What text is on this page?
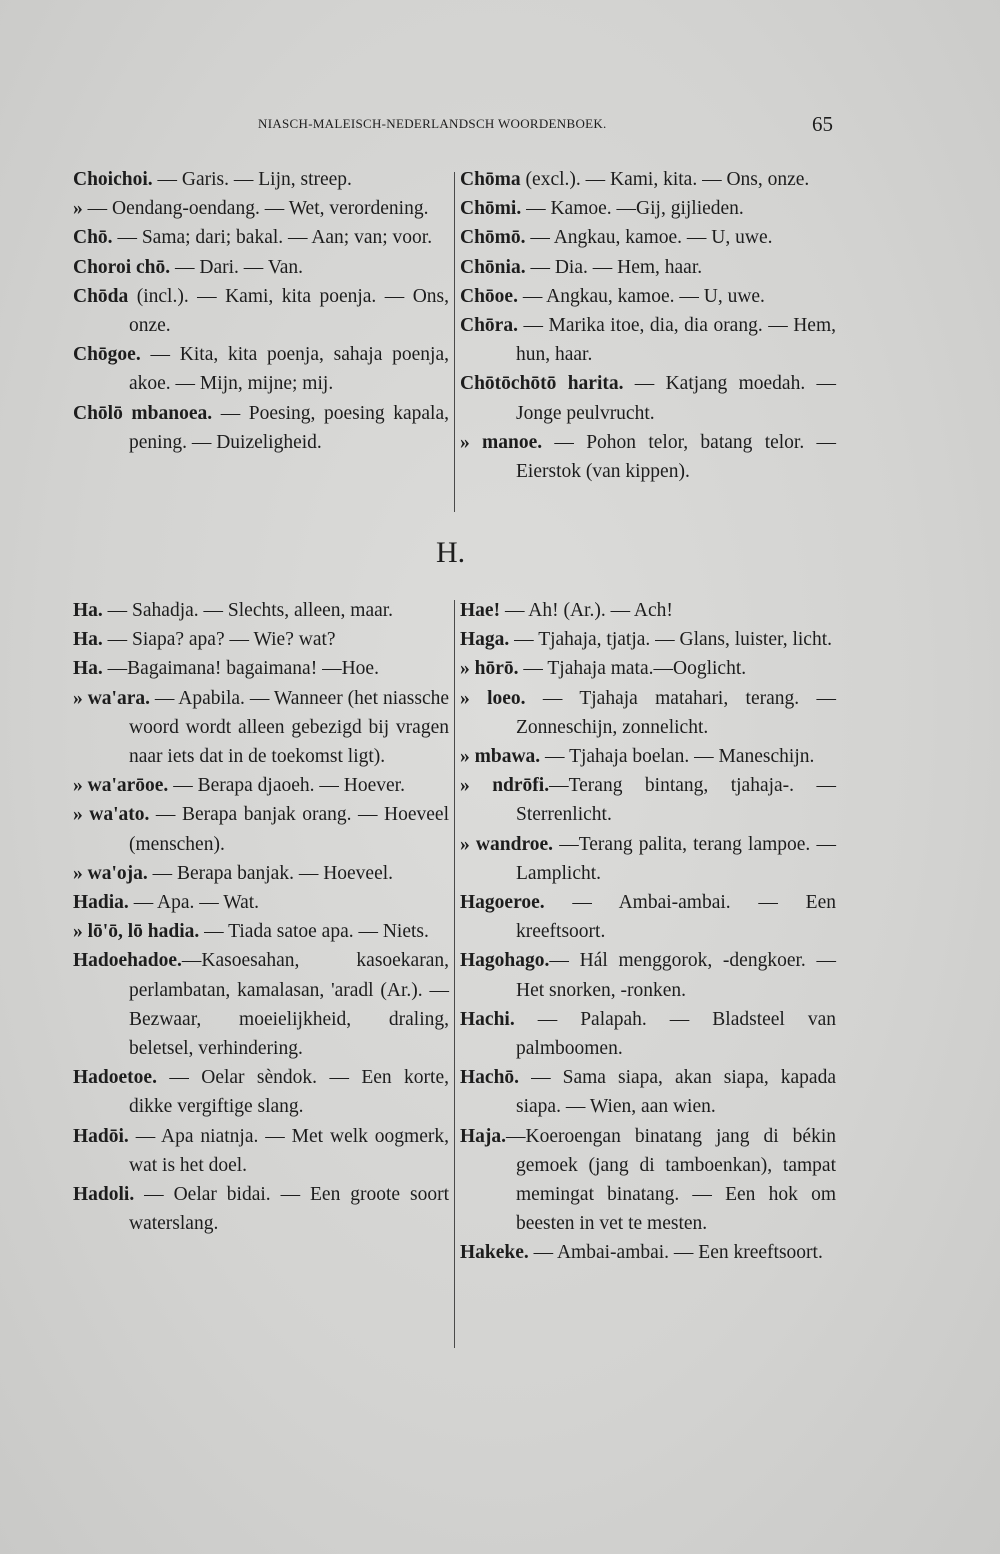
NIASCH-MALEISCH-NEDERLANDSCH WOORDENBOEK.	65

Choichoi. — Garis. — Lijn, streep.

» — Oendang-oendang. — Wet, verordening.

Chō. — Sama; dari; bakal. — Aan; van; voor.

Choroi chō. — Dari. — Van.

Chōda (incl.). — Kami, kita poenja. — Ons, onze.

Chōgoe. — Kita, kita poenja, sahaja poenja, akoe. — Mijn, mijne; mij.

Chōlō mbanoea. — Poesing, poesing kapala, pening. — Duizeligheid.

Chōma (excl.). — Kami, kita. — Ons, onze.

Chōmi. — Kamoe. —Gij, gijlieden.

Chōmō. — Angkau, kamoe. — U, uwe.

Chōnia. — Dia. — Hem, haar.

Chōoe. — Angkau, kamoe. — U, uwe.

Chōra. — Marika itoe, dia, dia orang. — Hem, hun, haar.

Chōtōchōtō harita. — Katjang moedah. — Jonge peulvrucht.

» manoe. — Pohon telor, batang telor. — Eierstok (van kippen).

H.

Ha. — Sahadja. — Slechts, alleen, maar.

Ha. — Siapa? apa? — Wie? wat?

Ha. —Bagaimana! bagaimana! —Hoe.

» wa'ara. — Apabila. — Wanneer (het niassche woord wordt alleen gebezigd bij vragen naar iets dat in de toekomst ligt).

» wa'arōoe. — Berapa djaoeh. — Hoever.

» wa'ato. — Berapa banjak orang. — Hoeveel (menschen).

» wa'oja. — Berapa banjak. — Hoeveel.

Hadia. — Apa. — Wat.

» lō'ō, lō hadia. — Tiada satoe apa. — Niets.

Hadoehadoe.—Kasoesahan, kasoekaran, perlambatan, kamalasan, 'aradl (Ar.). — Bezwaar, moeielijkheid, draling, beletsel, verhindering.

Hadoetoe. — Oelar sèndok. — Een korte, dikke vergiftige slang.

Hadōi. — Apa niatnja. — Met welk oogmerk, wat is het doel.

Hadoli. — Oelar bidai. — Een groote soort waterslang.

Hae! — Ah! (Ar.). — Ach!

Haga. — Tjahaja, tjatja. — Glans, luister, licht.

» hōrō. — Tjahaja mata.—Ooglicht.

» loeo. — Tjahaja matahari, terang. — Zonneschijn, zonnelicht.

» mbawa. — Tjahaja boelan. — Maneschijn.

» ndrōfi.—Terang bintang, tjahaja-. — Sterrenlicht.

» wandroe. —Terang palita, terang lampoe. — Lamplicht.

Hagoeroe. — Ambai-ambai. — Een kreeftsoort.

Hagohago.— Hál menggorok, -dengkoer. — Het snorken, -ronken.

Hachi. — Palapah. — Bladsteel van palmboomen.

Hachō. — Sama siapa, akan siapa, kapada siapa. — Wien, aan wien.

Haja.—Koeroengan binatang jang di békin gemoek (jang di tamboenkan), tampat memingat binatang. — Een hok om beesten in vet te mesten.

Hakeke. — Ambai-ambai. — Een kreeftsoort.
